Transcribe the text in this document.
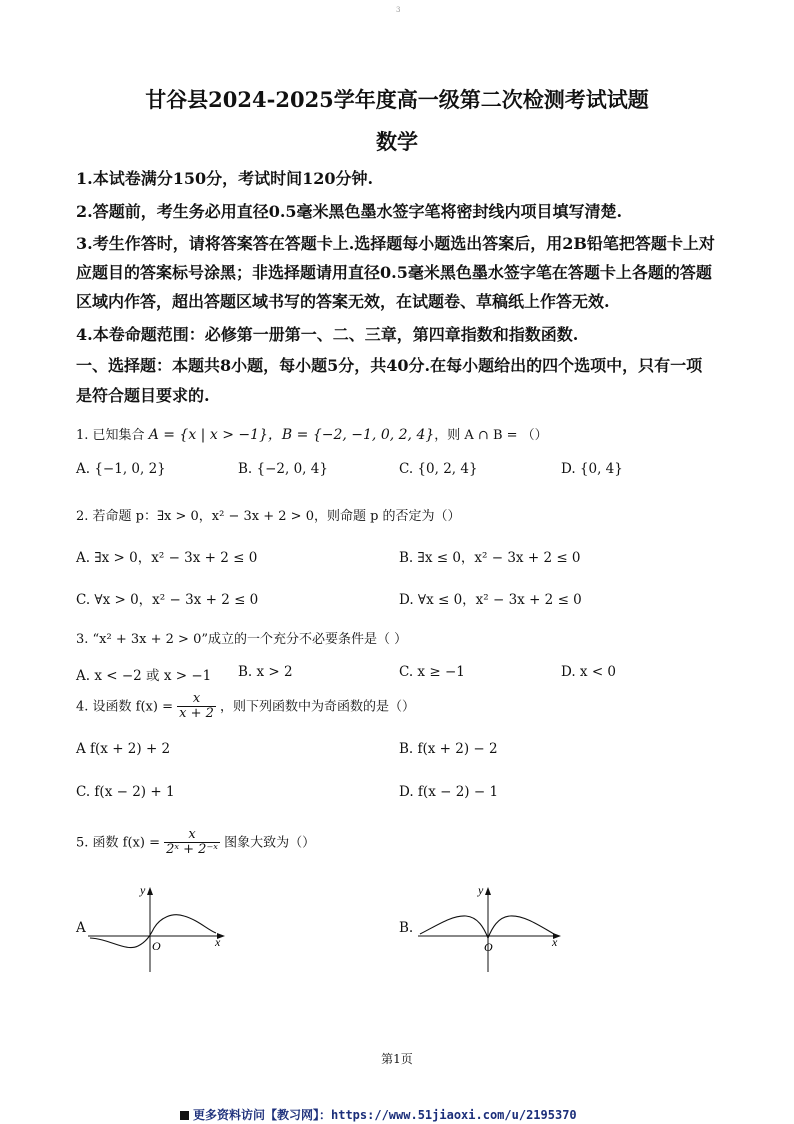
3
甘谷县2024-2025学年度高一级第二次检测考试试题
数学
1.本试卷满分150分，考试时间120分钟.
2.答题前，考生务必用直径0.5毫米黑色墨水签字笔将密封线内项目填写清楚.
3.考生作答时，请将答案答在答题卡上.选择题每小题选出答案后，用2B铅笔把答题卡上对
应题目的答案标号涂黑；非选择题请用直径0.5毫米黑色墨水签字笔在答题卡上各题的答题
区域内作答，超出答题区域书写的答案无效，在试题卷、草稿纸上作答无效.
4.本卷命题范围：必修第一册第一、二、三章，第四章指数和指数函数.
一、选择题：本题共8小题，每小题5分，共40分.在每小题给出的四个选项中，只有一项
是符合题目要求的.
1. 已知集合 A = {x | x > −1}，B = {−2, −1, 0, 2, 4}，则 A ∩ B = （）
A. {−1, 0, 2}	B. {−2, 0, 4}	C. {0, 2, 4}	D. {0, 4}
2. 若命题 p：∃x > 0，x² − 3x + 2 > 0，则命题 p 的否定为（）
A. ∃x > 0，x² − 3x + 2 ≤ 0	B. ∃x ≤ 0，x² − 3x + 2 ≤ 0
C. ∀x > 0，x² − 3x + 2 ≤ 0	D. ∀x ≤ 0，x² − 3x + 2 ≤ 0
3. “x² + 3x + 2 > 0”成立的一个充分不必要条件是（ ）
A. x < −2 或 x > −1 B. x > 2	C. x ≥ −1	D. x < 0
4. 设函数 $f(x) = \frac{x}{x + 2}$ ，则下列函数中为奇函数的是（）
A f(x + 2) + 2	B. f(x + 2) − 2
C. f(x − 2) + 1	D. f(x − 2) − 1
5. 函数 $f(x) = \frac{x}{\text{2ˣ + 2⁻ˣ}}$ 图象大致为（）
A
O	x
y
B.
O	x
y
第1页
更多资料访问【教习网】：https://www.51jiaoxi.com/u/2195370
